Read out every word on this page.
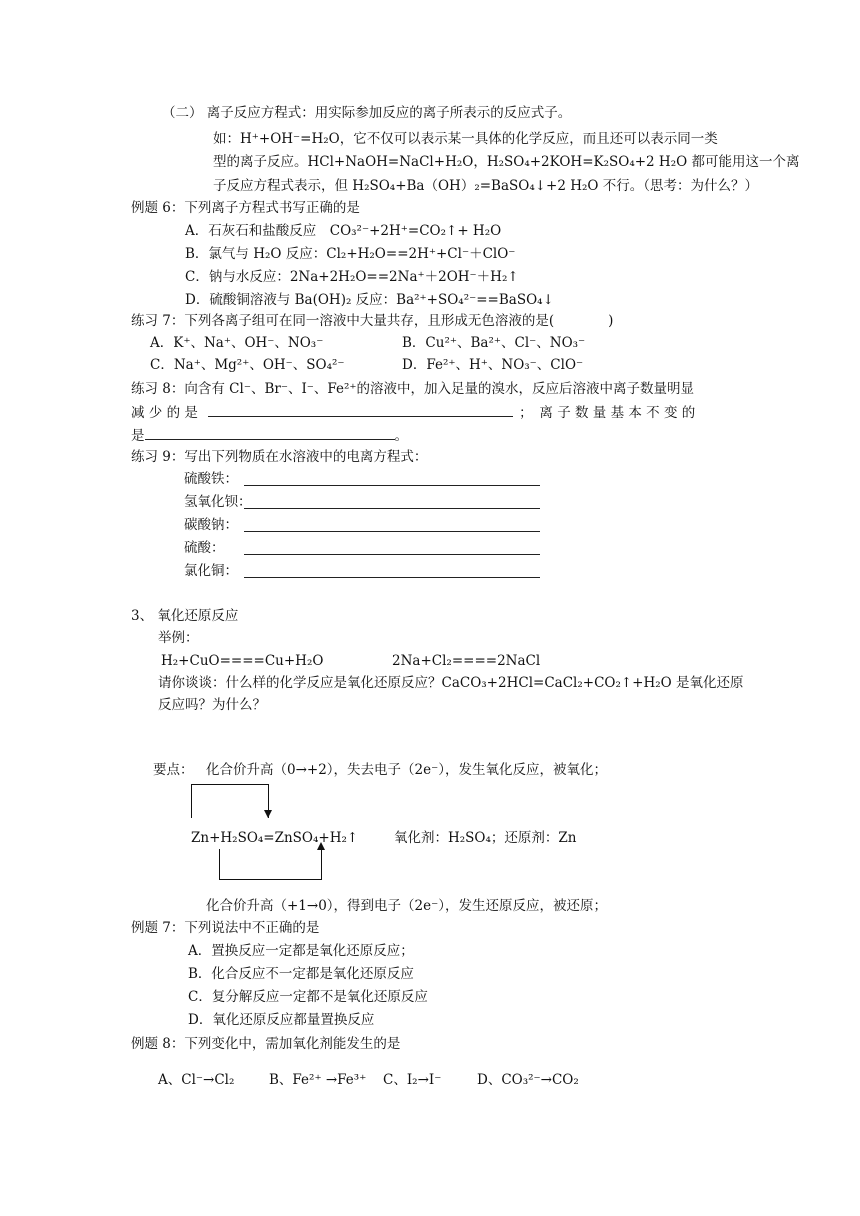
（二） 离子反应方程式：用实际参加反应的离子所表示的反应式子。
如：H⁺+OH⁻=H₂O，它不仅可以表示某一具体的化学反应，而且还可以表示同一类
型的离子反应。HCl+NaOH=NaCl+H₂O，H₂SO₄+2KOH=K₂SO₄+2 H₂O 都可能用这一个离
子反应方程式表示，但 H₂SO₄+Ba（OH）₂=BaSO₄↓+2 H₂O 不行。（思考：为什么？）
例题 6：下列离子方程式书写正确的是
A．石灰石和盐酸反应　CO₃²⁻+2H⁺=CO₂↑+ H₂O
B．氯气与 H₂O 反应：Cl₂+H₂O==2H⁺+Cl⁻＋ClO⁻
C．钠与水反应：2Na+2H₂O==2Na⁺＋2OH⁻＋H₂↑
D．硫酸铜溶液与 Ba(OH)₂ 反应：Ba²⁺+SO₄²⁻==BaSO₄↓
练习 7：下列各离子组可在同一溶液中大量共存，且形成无色溶液的是(　　　　)
A．K⁺、Na⁺、OH⁻、NO₃⁻	B．Cu²⁺、Ba²⁺、Cl⁻、NO₃⁻
C．Na⁺、Mg²⁺、OH⁻、SO₄²⁻	D．Fe²⁺、H⁺、NO₃⁻、ClO⁻
练习 8：向含有 Cl⁻、Br⁻、I⁻、Fe²⁺的溶液中，加入足量的溴水，反应后溶液中离子数量明显
减 少 的 是	；　离 子 数 量 基 本 不 变 的
是	。
练习 9：写出下列物质在水溶液中的电离方程式：
硫酸铁：
氢氧化钡：
碳酸钠：
硫酸：
氯化铜：
3、 氧化还原反应
举例：
H₂+CuO====Cu+H₂O	2Na+Cl₂====2NaCl
请你谈谈：什么样的化学反应是氧化还原反应？CaCO₃+2HCl=CaCl₂+CO₂↑+H₂O 是氧化还原
反应吗？为什么？
要点： 化合价升高（0→+2），失去电子（2e⁻），发生氧化反应，被氧化；
Zn+H₂SO₄=ZnSO₄+H₂↑	氧化剂：H₂SO₄；还原剂：Zn
化合价升高（+1→0），得到电子（2e⁻），发生还原反应，被还原；
例题 7：下列说法中不正确的是
A．置换反应一定都是氧化还原反应；
B．化合反应不一定都是氧化还原反应
C．复分解反应一定都不是氧化还原反应
D．氧化还原反应都量置换反应
例题 8：下列变化中，需加氧化剂能发生的是
A、Cl⁻→Cl₂	B、Fe²⁺ →Fe³⁺ C、I₂→I⁻	D、CO₃²⁻→CO₂
